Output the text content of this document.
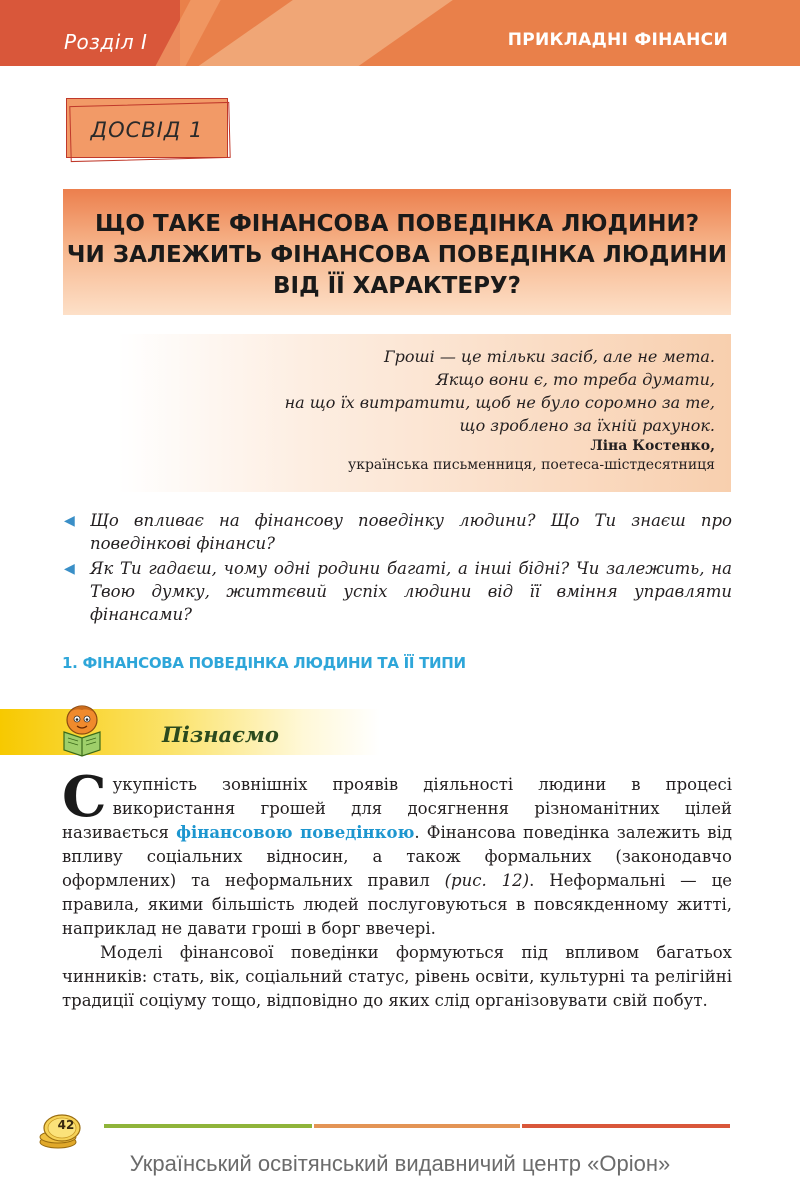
Розділ I	ПРИКЛАДНІ ФІНАНСИ
ДОСВІД 1
ЩО ТАКЕ ФІНАНСОВА ПОВЕДІНКА ЛЮДИНИ?
ЧИ ЗАЛЕЖИТЬ ФІНАНСОВА ПОВЕДІНКА ЛЮДИНИ
ВІД ЇЇ ХАРАКТЕРУ?
Гроші — це тільки засіб, але не мета.
Якщо вони є, то треба думати,
на що їх витратити, щоб не було соромно за те,
що зроблено за їхній рахунок.
Ліна Костенко,
українська письменниця, поетеса-шістдесятниця
◀ Що впливає на фінансову поведінку людини? Що Ти знаєш про поведінкові фінанси?
◀ Як Ти гадаєш, чому одні родини багаті, а інші бідні? Чи залежить, на Твою думку, життєвий успіх людини від її вміння управляти фінансами?
1. ФІНАНСОВА ПОВЕДІНКА ЛЮДИНИ ТА ЇЇ ТИПИ
Пізнаємо

Сукупність зовнішніх проявів діяльності людини в процесі використання грошей для досягнення різноманітних цілей називається фінансовою поведінкою. Фінансова поведінка залежить від впливу соціальних відносин, а також формальних (законодавчо оформлених) та неформальних правил (рис. 12). Неформальні — це правила, якими більшість людей послуговуються в повсякденному житті, наприклад не давати гроші в борг ввечері.

Моделі фінансової поведінки формуються під впливом багатьох чинників: стать, вік, соціальний статус, рівень освіти, культурні та релігійні традиції соціуму тощо, відповідно до яких слід організовувати свій побут.

42
Український освітянський видавничий центр «Оріон»
